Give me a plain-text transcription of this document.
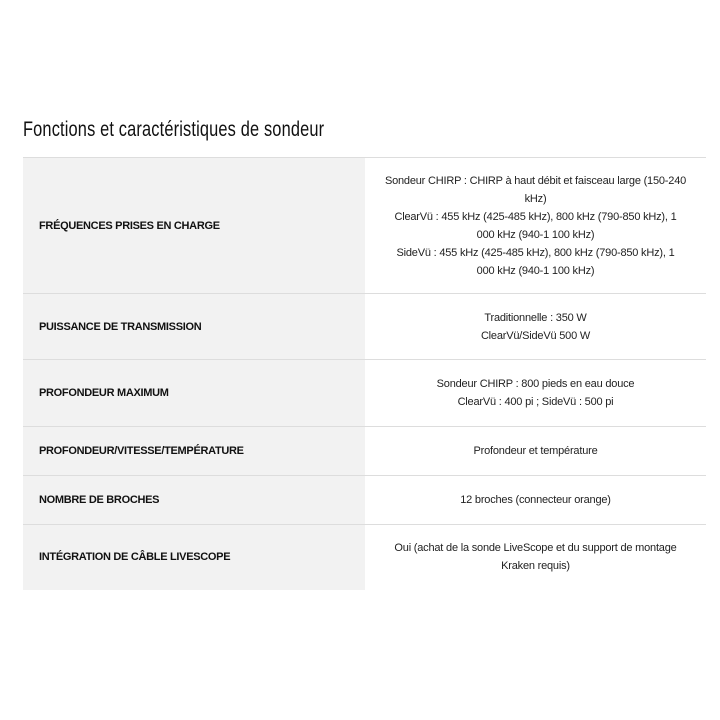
Fonctions et caractéristiques de sondeur
FRÉQUENCES PRISES EN CHARGE	Sondeur CHIRP : CHIRP à haut débit et faisceau large (150-240 kHz)

ClearVü : 455 kHz (425-485 kHz), 800 kHz (790-850 kHz), 1 000 kHz (940-1 100 kHz)

SideVü : 455 kHz (425-485 kHz), 800 kHz (790-850 kHz), 1 000 kHz (940-1 100 kHz)

PUISSANCE DE TRANSMISSION	Traditionnelle : 350 W

ClearVü/SideVü 500 W

PROFONDEUR MAXIMUM	Sondeur CHIRP : 800 pieds en eau douce

ClearVü : 400 pi ; SideVü : 500 pi

PROFONDEUR/VITESSE/TEMPÉRATURE	Profondeur et température

NOMBRE DE BROCHES	12 broches (connecteur orange)

INTÉGRATION DE CÂBLE LIVESCOPE	Oui (achat de la sonde LiveScope et du support de montage Kraken requis)
